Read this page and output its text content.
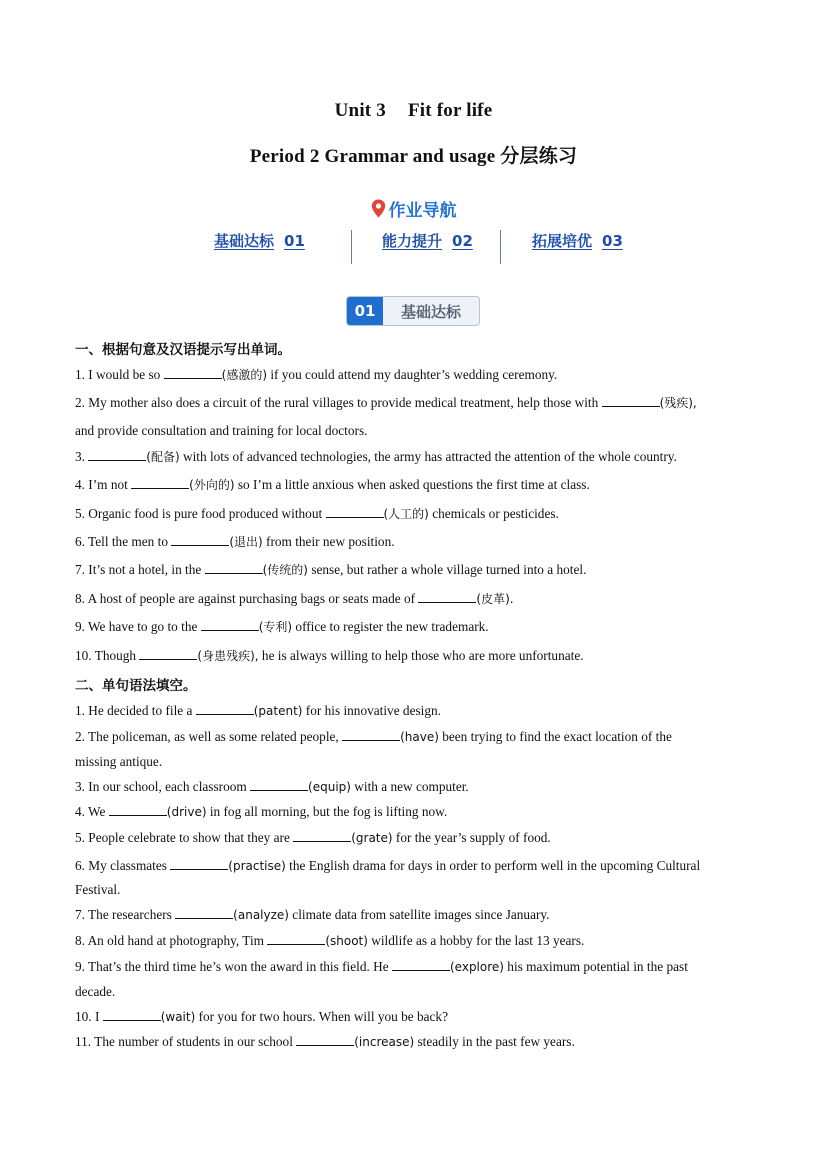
Unit 3 Fit for life
Period 2 Grammar and usage 分层练习
作业导航
基础达标 01	能力提升 02	拓展培优 03
01	基础达标
一、根据句意及汉语提示写出单词。
1. I would be so	(感激的) if you could attend my daughter’s wedding ceremony.
2. My mother also does a circuit of the rural villages to provide medical treatment, help those with	(残疾),
and provide consultation and training for local doctors.
3.	(配备) with lots of advanced technologies, the army has attracted the attention of the whole country.
4. I’m not	(外向的) so I’m a little anxious when asked questions the first time at class.
5. Organic food is pure food produced without	(人工的) chemicals or pesticides.
6. Tell the men to	(退出) from their new position.
7. It’s not a hotel, in the	(传统的) sense, but rather a whole village turned into a hotel.
8. A host of people are against purchasing bags or seats made of	(皮革).
9. We have to go to the	(专利) office to register the new trademark.
10. Though	(身患残疾), he is always willing to help those who are more unfortunate.
二、单句语法填空。
1. He decided to file a	(patent) for his innovative design.
2. The policeman, as well as some related people,	(have) been trying to find the exact location of the
missing antique.
3. In our school, each classroom	(equip) with a new computer.
4. We	(drive) in fog all morning, but the fog is lifting now.
5. People celebrate to show that they are	(grate) for the year’s supply of food.
6. My classmates	(practise) the English drama for days in order to perform well in the upcoming Cultural
Festival.
7. The researchers	(analyze) climate data from satellite images since January.
8. An old hand at photography, Tim	(shoot) wildlife as a hobby for the last 13 years.
9. That’s the third time he’s won the award in this field. He	(explore) his maximum potential in the past
decade.
10. I	(wait) for you for two hours. When will you be back?
11. The number of students in our school	(increase) steadily in the past few years.
